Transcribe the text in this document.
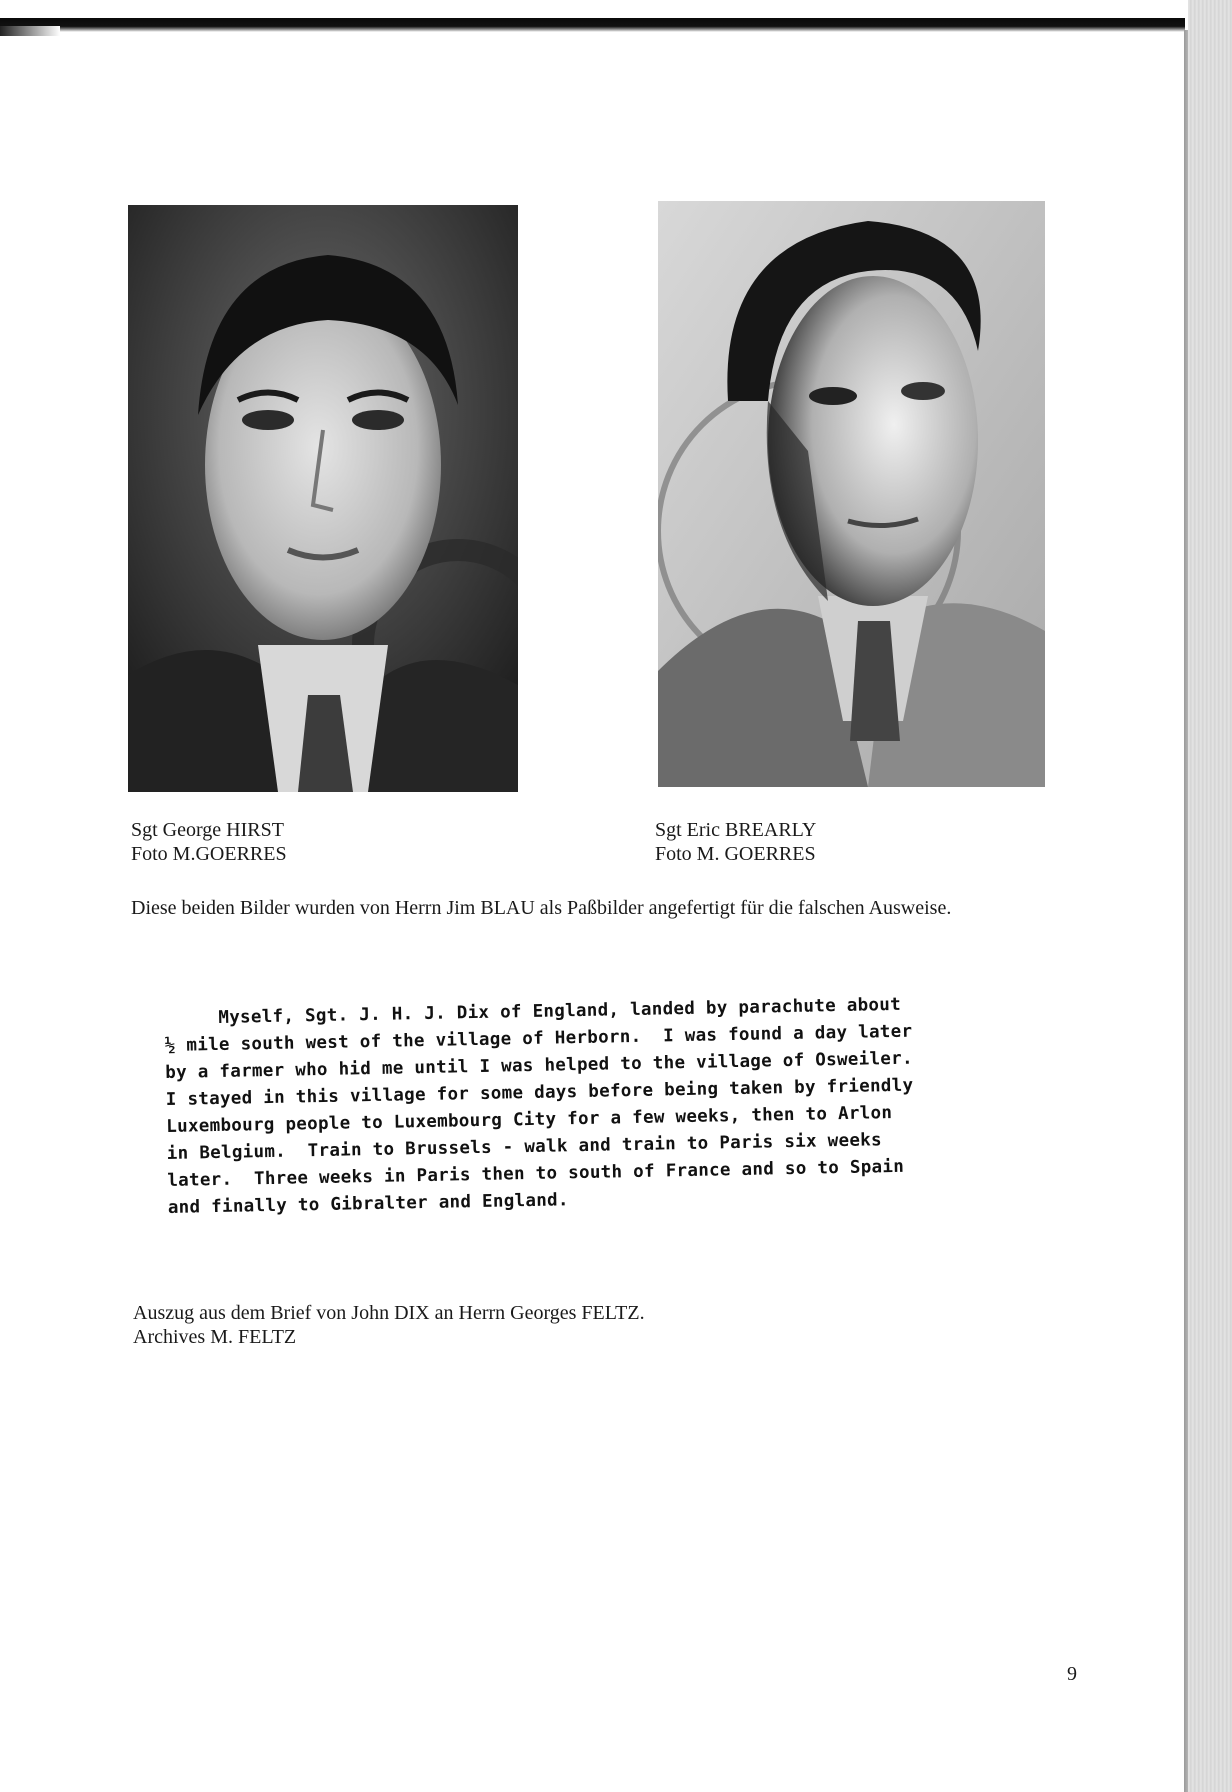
Sgt George HIRST
Foto M.GOERRES
Sgt Eric BREARLY
Foto M. GOERRES
Diese beiden Bilder wurden von Herrn Jim BLAU als Paßbilder angefertigt für die falschen Ausweise.
Myself, Sgt. J. H. J. Dix of England, landed by parachute about
½ mile south west of the village of Herborn.  I was found a day later
by a farmer who hid me until I was helped to the village of Osweiler.
I stayed in this village for some days before being taken by friendly
Luxembourg people to Luxembourg City for a few weeks, then to Arlon
in Belgium.  Train to Brussels - walk and train to Paris six weeks
later.  Three weeks in Paris then to south of France and so to Spain
and finally to Gibralter and England.
Auszug aus dem Brief von John DIX an Herrn Georges FELTZ.
Archives M. FELTZ
9
